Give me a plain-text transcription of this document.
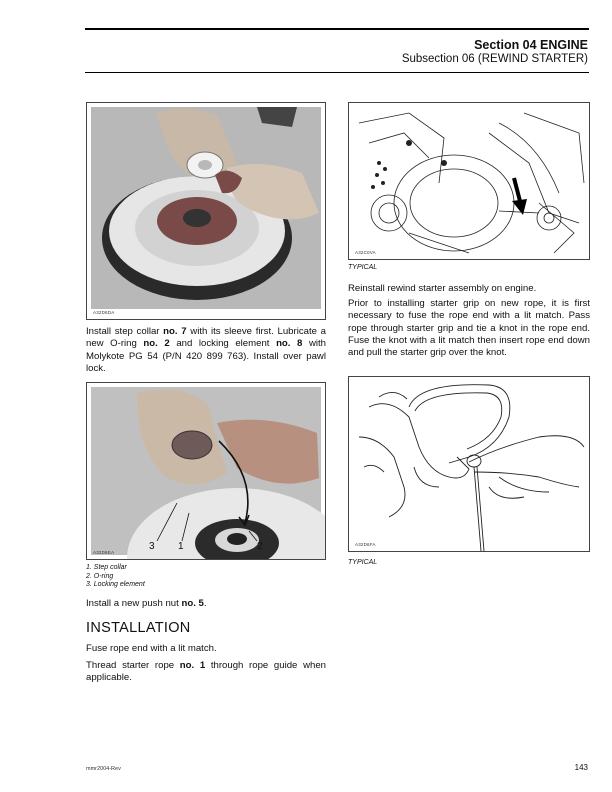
Section 04 ENGINE
Subsection 06 (REWIND STARTER)
A32D6DA
Install step collar no. 7 with its sleeve first. Lubricate a new O-ring no. 2 and locking element no. 8 with Molykote PG 54 (P/N 420 899 763). Install over pawl lock.
3 1	2
A32D6EA
1. Step collar
2. O-ring
3. Locking element
Install a new push nut no. 5.
INSTALLATION
Fuse rope end with a lit match.
Thread starter rope no. 1 through rope guide when applicable.
A32C0VA
TYPICAL
Reinstall rewind starter assembly on engine.
Prior to installing starter grip on new rope, it is first necessary to fuse the rope end with a lit match. Pass rope through starter grip and tie a knot in the rope end. Fuse the knot with a lit match then insert rope end down and pull the starter grip over the knot.
A32D6FA
TYPICAL
mmr2004-Rev	143
